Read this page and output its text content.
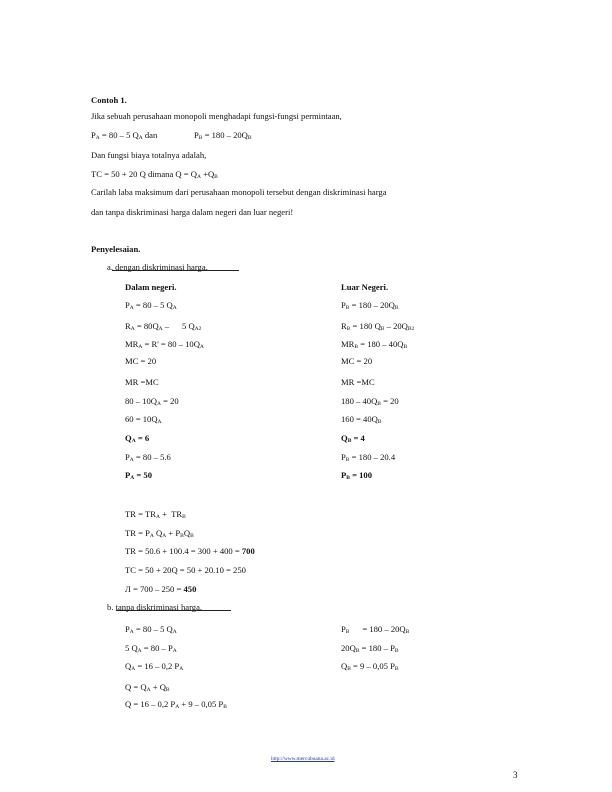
Contoh 1.
Jika sebuah perusahaan monopoli menghadapi fungsi-fungsi permintaan,
$P_A = 80 - 5$ $Q_A$ dan	$P_B = 180 - 20Q_B$
Dan fungsi biaya totalnya adalah,
TC = 50 + 20 Q dimana $Q = Q_A +Q_B$
Carilah laba maksimum dari perusahaan monopoli tersebut dengan diskriminasi harga
dan tanpa diskriminasi harga dalam negeri dan luar negeri!
Penyelesaian.
a. dengan diskriminasi harga.
Dalam negeri.	Luar Negeri.
$P_A = 80 - 5$ $Q_A$
$R_A = 80Q_A$ –      5 $Q_{A2}$
$MR_A = R' = 80 - 10Q_A$
MC = 20
MR =MC
$80 - 10Q_A = 20$
$60 = 10Q_A$
$Q_A = 6$
$P_A = 80 - 5.6$
$P_A = 50$
$P_B = 180 - 20Q_B$
$R_B = 180$ $Q_B - 20Q_{B2}$
$MR_B = 180 - 40Q_B$
MC = 20
MR =MC
$180 - 40Q_B = 20$
$160 = 40Q_B$
$Q_B = 4$
$P_B = 180 - 20.4$
$P_B = 100$
TR = $TR_A + TR_B$
TR = $P_A$ $Q_A + P_BQ_B$
TR = 50.6 + 100.4 = 300 + 400 = 700
TC = 50 + 20Q = 50 + 20.10 = 250
Л = 700 – 250 = 450
b. tanpa diskriminasi harga.
$P_A = 80 - 5$ $Q_A$
5 $Q_A = 80 - P_A$
$Q_A = 16 - 0,2$ $P_A$
$P_B$      = $180 - 20Q_B$
$20Q_B = 180 - P_B$
$Q_B = 9 - 0,05$ $P_B$
$Q = Q_A + Q_B$
Q = 16 – 0,2 $P_A + 9 - 0,05$ $P_B$
http://www.mercubuana.ac.id
3
